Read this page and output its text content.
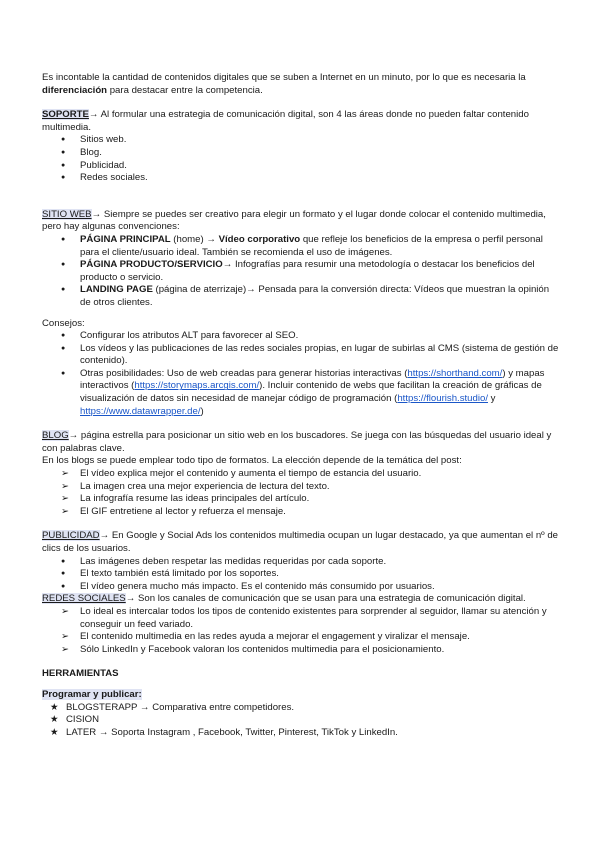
Es incontable la cantidad de contenidos digitales que se suben a Internet en un minuto, por lo que es necesaria la diferenciación para destacar entre la competencia.

SOPORTE→ Al formular una estrategia de comunicación digital, son 4 las áreas donde no pueden faltar contenido multimedia.

● Sitios web.
● Blog.
● Publicidad.
● Redes sociales.

SITIO WEB→ Siempre se puedes ser creativo para elegir un formato y el lugar donde colocar el contenido multimedia, pero hay algunas convenciones:

● PÁGINA PRINCIPAL (home) → Vídeo corporativo que refleje los beneficios de la empresa o perfil personal para el cliente/usuario ideal. También se recomienda el uso de imágenes.
● PÁGINA PRODUCTO/SERVICIO→ Infografías para resumir una metodología o destacar los beneficios del producto o servicio.
● LANDING PAGE (página de aterrizaje)→ Pensada para la conversión directa: Vídeos que muestran la opinión de otros clientes.

Consejos:

● Configurar los atributos ALT para favorecer al SEO.
● Los vídeos y las publicaciones de las redes sociales propias, en lugar de subirlas al CMS (sistema de gestión de contenido).
● Otras posibilidades: Uso de web creadas para generar historias interactivas (https://shorthand.com/) y mapas interactivos (https://storymaps.arcgis.com/). Incluir contenido de webs que facilitan la creación de gráficas de visualización de datos sin necesidad de manejar código de programación (https://flourish.studio/ y https://www.datawrapper.de/)

BLOG→ página estrella para posicionar un sitio web en los buscadores. Se juega con las búsquedas del usuario ideal y con palabras clave.

En los blogs se puede emplear todo tipo de formatos. La elección depende de la temática del post:

➢ El vídeo explica mejor el contenido y aumenta el tiempo de estancia del usuario.
➢ La imagen crea una mejor experiencia de lectura del texto.
➢ La infografía resume las ideas principales del artículo.
➢ El GIF entretiene al lector y refuerza el mensaje.

PUBLICIDAD→ En Google y Social Ads los contenidos multimedia ocupan un lugar destacado, ya que aumentan el nº de clics de los usuarios.

● Las imágenes deben respetar las medidas requeridas por cada soporte.
● El texto también está limitado por los soportes.
● El vídeo genera mucho más impacto. Es el contenido más consumido por usuarios.

REDES SOCIALES→ Son los canales de comunicación que se usan para una estrategia de comunicación digital.

➢ Lo ideal es intercalar todos los tipos de contenido existentes para sorprender al seguidor, llamar su atención y conseguir un feed variado.
➢ El contenido multimedia en las redes ayuda a mejorar el engagement y viralizar el mensaje.
➢ Sólo LinkedIn y Facebook valoran los contenidos multimedia para el posicionamiento.

HERRAMIENTAS

Programar y publicar:

★ BLOGSTERAPP → Comparativa entre competidores.
★ CISION
★ LATER → Soporta Instagram , Facebook, Twitter, Pinterest, TikTok y LinkedIn.
